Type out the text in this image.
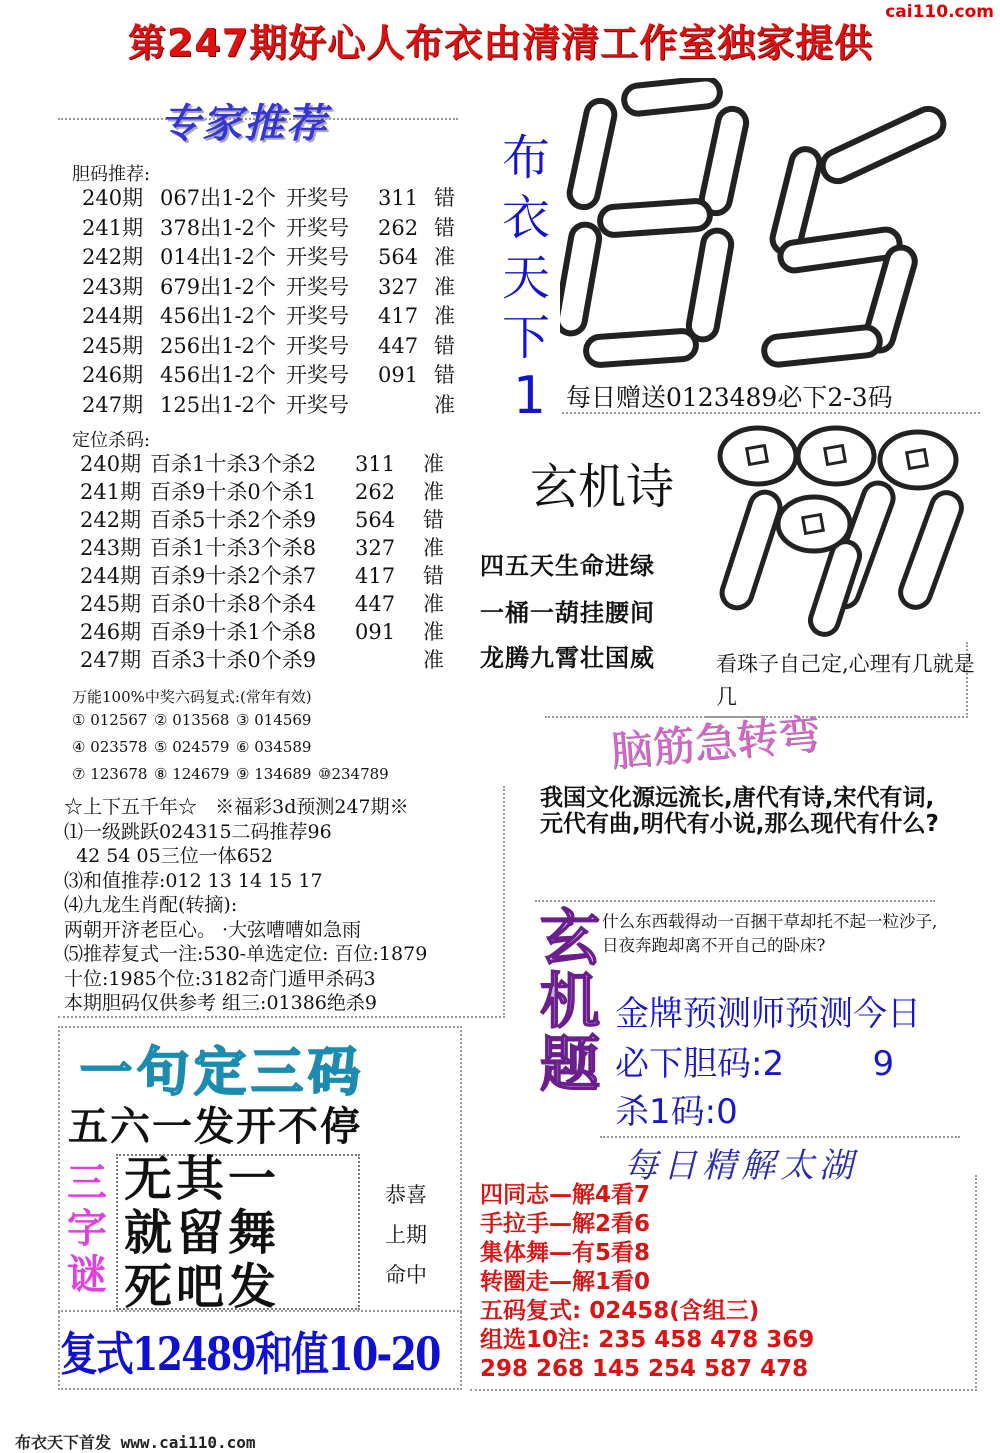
cai110.com
第247期好心人布衣由清清工作室独家提供
专家推荐
胆码推荐:
240期 067出1-2个 开奖号 311 错
241期 378出1-2个 开奖号 262 错
242期 014出1-2个 开奖号 564 准
243期 679出1-2个 开奖号 327 准
244期 456出1-2个 开奖号 417 准
245期 256出1-2个 开奖号 447 错
246期 456出1-2个 开奖号 091 错
247期 125出1-2个 开奖号	准
定位杀码:
240期 百杀1十杀3个杀2 311 准
241期 百杀9十杀0个杀1 262 准
242期 百杀5十杀2个杀9 564 错
243期 百杀1十杀3个杀8 327 准
244期 百杀9十杀2个杀7 417 错
245期 百杀0十杀8个杀4 447 准
246期 百杀9十杀1个杀8 091 准
247期 百杀3十杀0个杀9	准
万能100%中奖六码复式:(常年有效)
① 012567 ② 013568 ③ 014569
④ 023578 ⑤ 024579 ⑥ 034589
⑦ 123678 ⑧ 124679 ⑨ 134689 ⑩234789
☆上下五千年☆   ※福彩3d预测247期※
⑴一级跳跃024315二码推荐96
42 54 05三位一体652
⑶和值推荐:012 13 14 15 17
⑷九龙生肖配(转摘):
两朝开济老臣心。 ·大弦嘈嘈如急雨
⑸推荐复式一注:530-单选定位: 百位:1879
十位:1985个位:3182奇门遁甲杀码3
本期胆码仅供参考 组三:01386绝杀9
布
衣
天
下
1 每日赠送0123489必下2-3码
玄机诗
四五天生命进绿
一桶一葫挂腰间
龙腾九霄壮国威	看珠子自己定,心理有几就是几
脑筋急转弯
我国文化源远流长,唐代有诗,宋代有词,元代有曲,明代有小说,那么现代有什么?
玄
机
题
什么东西载得动一百捆干草却托不起一粒沙子,日夜奔跑却离不开自己的卧床?
金牌预测师预测今日
必下胆码:2	9
杀1码:0
每日精解太湖
四同志—解4看7
手拉手—解2看6
集体舞—有5看8
转圈走—解1看0
五码复式: 02458(含组三)
组选10注: 235 458 478 369
298 268 145 254 587 478
一句定三码
五六一发开不停
三
字
谜
无其一
就留舞
死吧发
恭喜
上期
命中
复式12489和值10-20
布衣天下首发 www.cai110.com
